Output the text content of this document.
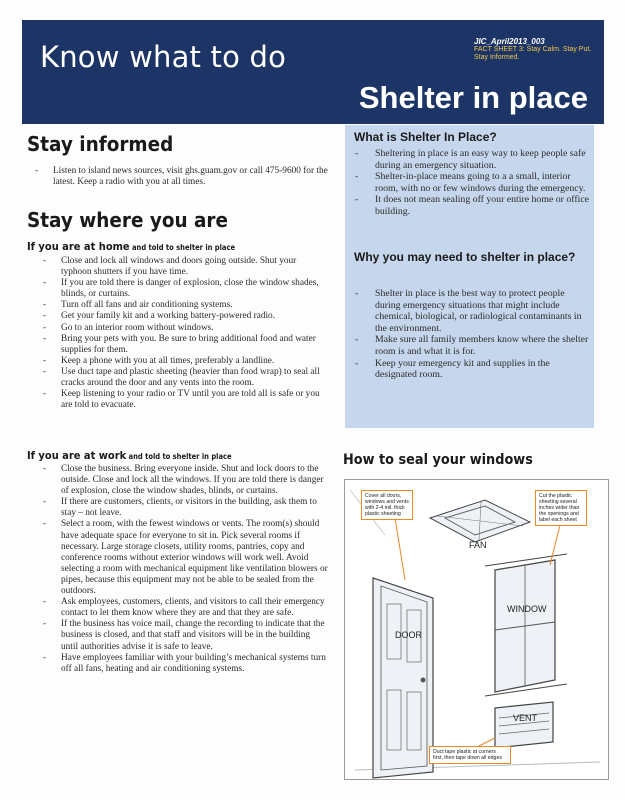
Know what to do
Shelter in place
JIC_April2013_003
FACT SHEET 3: Stay Calm. Stay Put. Stay Informed.
Stay informed
- Listen to island news sources, visit ghs.guam.gov or call 475-9600 for the latest. Keep a radio with you at all times.
Stay where you are
If you are at home and told to shelter in place
- Close and lock all windows and doors going outside. Shut your typhoon shutters if you have time.
- If you are told there is danger of explosion, close the window shades, blinds, or curtains.
- Turn off all fans and air conditioning systems.
- Get your family kit and a working battery-powered radio.
- Go to an interior room without windows.
- Bring your pets with you. Be sure to bring additional food and water supplies for them.
- Keep a phone with you at all times, preferably a landline.
- Use duct tape and plastic sheeting (heavier than food wrap) to seal all cracks around the door and any vents into the room.
- Keep listening to your radio or TV until you are told all is safe or you are told to evacuate.
If you are at work and told to shelter in place
- Close the business. Bring everyone inside. Shut and lock doors to the outside. Close and lock all the windows. If you are told there is danger of explosion, close the window shades, blinds, or curtains.
- If there are customers, clients, or visitors in the building, ask them to stay – not leave.
- Select a room, with the fewest windows or vents. The room(s) should have adequate space for everyone to sit in. Pick several rooms if necessary. Large storage closets, utility rooms, pantries, copy and conference rooms without exterior windows will work well. Avoid selecting a room with mechanical equipment like ventilation blowers or pipes, because this equipment may not be able to be sealed from the outdoors.
- Ask employees, customers, clients, and visitors to call their emergency contact to let them know where they are and that they are safe.
- If the business has voice mail, change the recording to indicate that the business is closed, and that staff and visitors will be in the building until authorities advise it is safe to leave.
- Have employees familiar with your building’s mechanical systems turn off all fans, heating and air conditioning systems.
What is Shelter In Place?
- Sheltering in place is an easy way to keep people safe during an emergency situation.
- Shelter-in-place means going to a a small, interior room, with no or few windows during the emergency.
- It does not mean sealing off your entire home or office building.
Why you may need to shelter in place?
- Shelter in place is the best way to protect people during emergency situations that might include chemical, biological, or radiological contaminants in the environment.
- Make sure all family members know where the shelter room is and what it is for.
- Keep your emergency kit and supplies in the designated room.
How to seal your windows
FAN
DOOR
WINDOW
VENT
Cover all doors, windows and vents with 2-4 mil. thick plastic sheeting
Cut the plastic sheeting several inches wider than the openings and label each sheet
Duct tape plastic at corners first, then tape down all edges
